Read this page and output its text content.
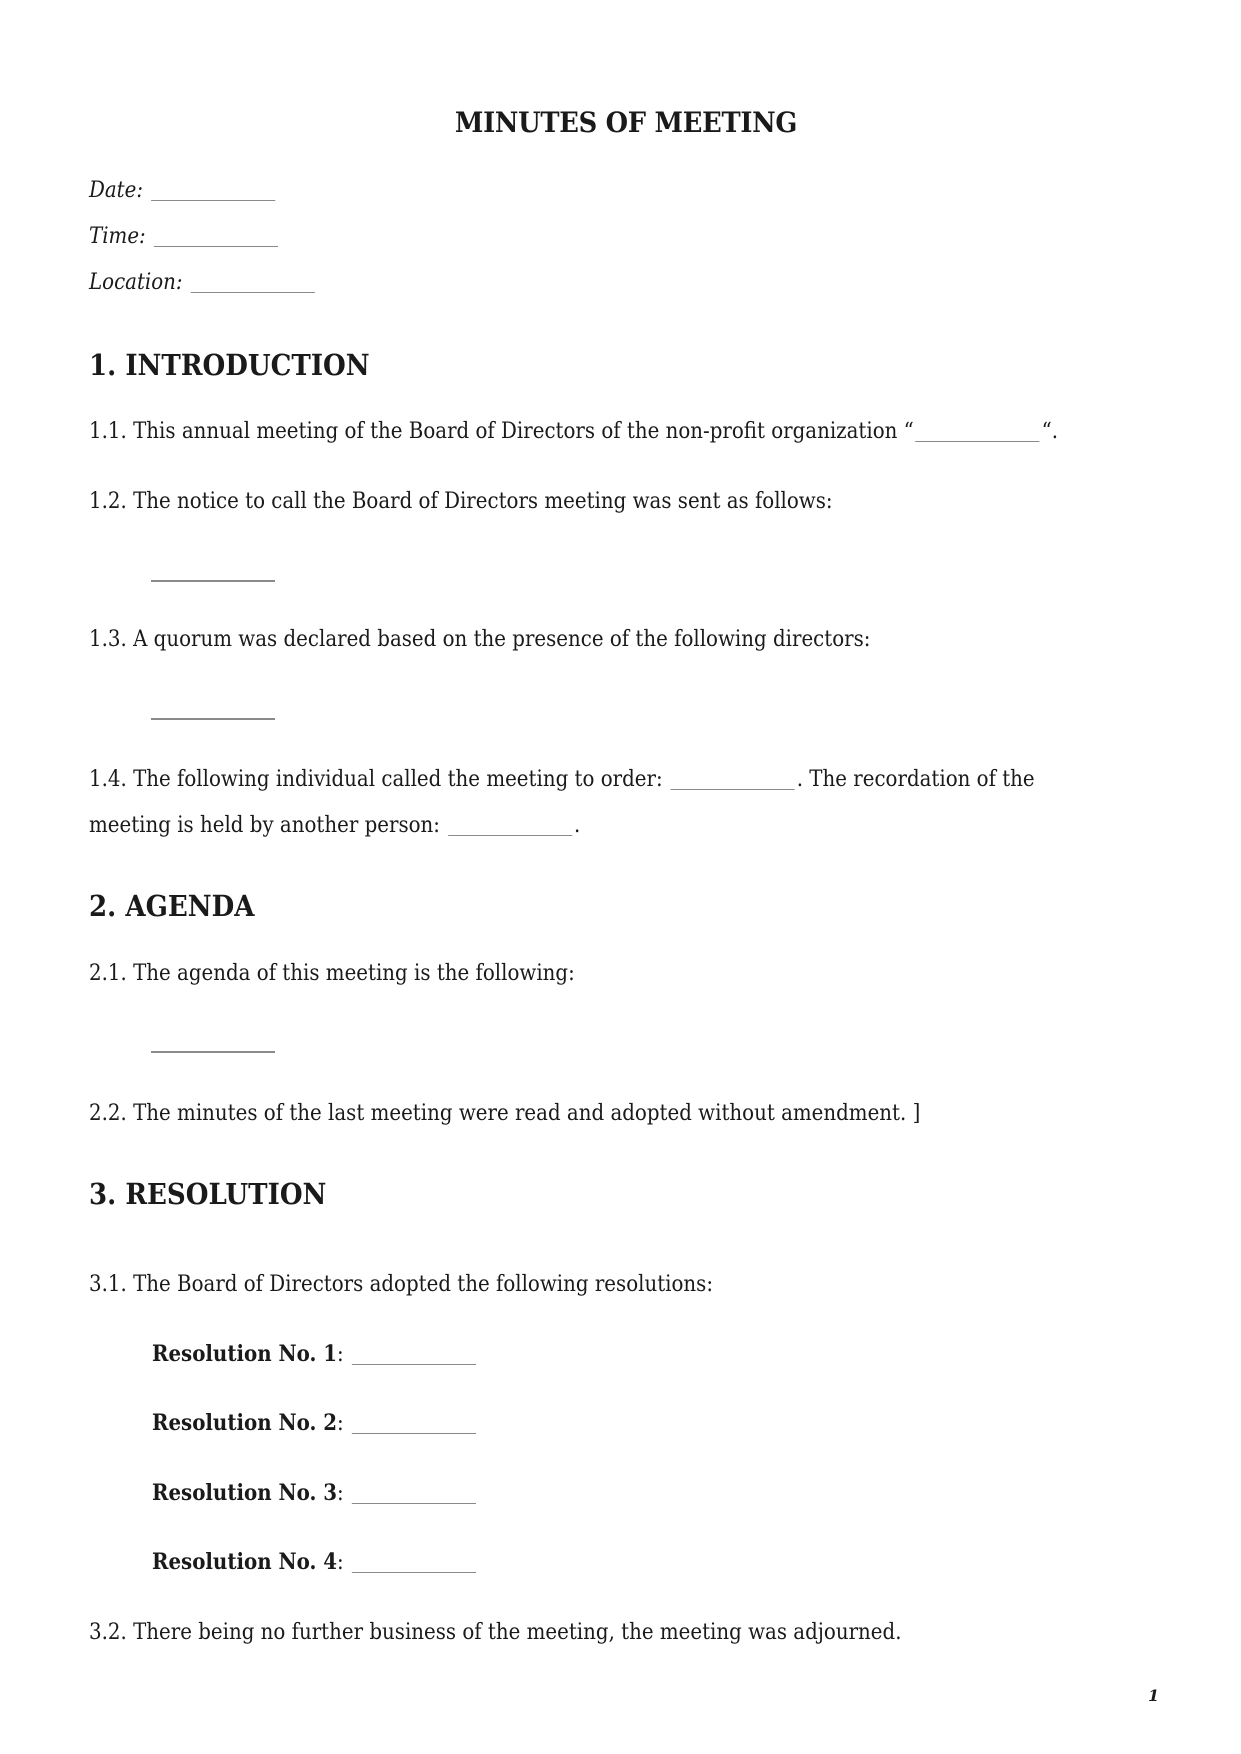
MINUTES OF MEETING
Date:
Time:
Location:
1. INTRODUCTION
1.1. This annual meeting of the Board of Directors of the non-profit organization “	“.
1.2. The notice to call the Board of Directors meeting was sent as follows:
1.3. A quorum was declared based on the presence of the following directors:
1.4. The following individual called the meeting to order:	. The recordation of the
meeting is held by another person:	.
2. AGENDA
2.1. The agenda of this meeting is the following:
2.2. The minutes of the last meeting were read and adopted without amendment. ]
3. RESOLUTION
3.1. The Board of Directors adopted the following resolutions:
Resolution No. 1:
Resolution No. 2:
Resolution No. 3:
Resolution No. 4:
3.2. There being no further business of the meeting, the meeting was adjourned.
1
